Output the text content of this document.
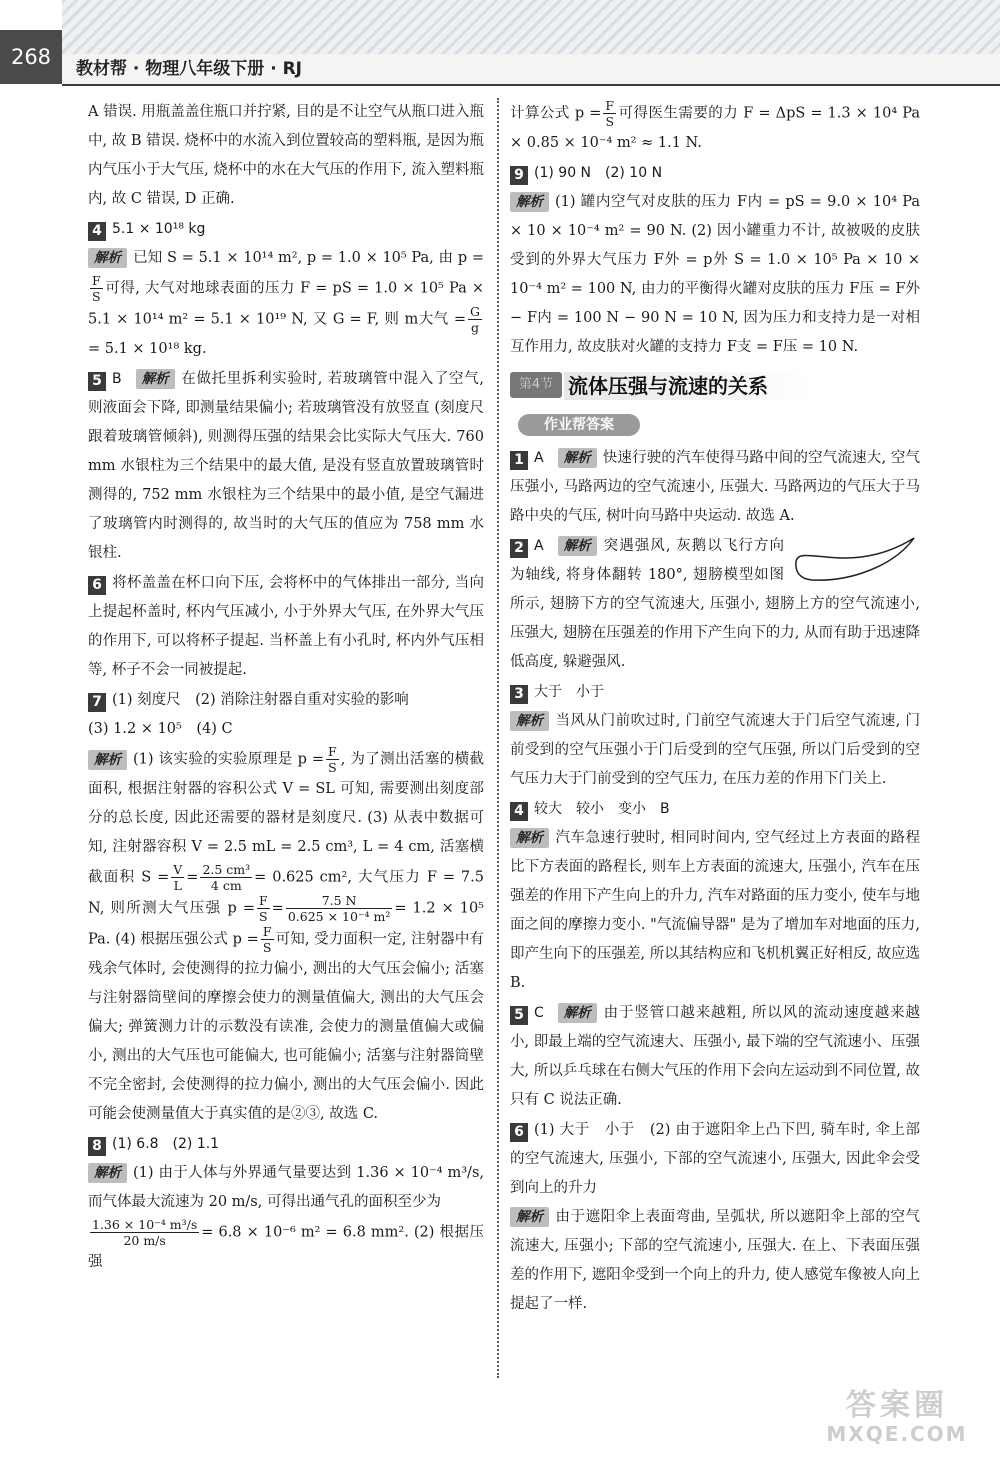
268	教材帮 · 物理八年级下册 · RJ

A 错误. 用瓶盖盖住瓶口并拧紧, 目的是不让空气从瓶口进入瓶中, 故 B 错误. 烧杯中的水流入到位置较高的塑料瓶, 是因为瓶内气压小于大气压, 烧杯中的水在大气压的作用下, 流入塑料瓶内, 故 C 错误, D 正确.

4 5.1 × 10¹⁸ kg

解析 已知 S = 5.1 × 10¹⁴ m², p = 1.0 × 10⁵ Pa, 由 p =
$\frac{F}{S}$ 可得, 大气对地球表面的压力 F = pS = 1.0 × 10⁵ Pa × 5.1 × 10¹⁴ m² = 5.1 × 10¹⁹ N, 又 G = F, 则 m大气 = $\frac{G}{g}$
= 5.1 × 10¹⁸ kg.

5 B 解析 在做托里拆利实验时, 若玻璃管中混入了空气, 则液面会下降, 即测量结果偏小; 若玻璃管没有放竖直 (刻度尺跟着玻璃管倾斜), 则测得压强的结果会比实际大气压大. 760 mm 水银柱为三个结果中的最大值, 是没有竖直放置玻璃管时测得的, 752 mm 水银柱为三个结果中的最小值, 是空气漏进了玻璃管内时测得的, 故当时的大气压的值应为 758 mm 水银柱.

6 将杯盖盖在杯口向下压, 会将杯中的气体排出一部分, 当向上提起杯盖时, 杯内气压减小, 小于外界大气压, 在外界大气压的作用下, 可以将杯子提起. 当杯盖上有小孔时, 杯内外气压相等, 杯子不会一同被提起.

7 (1) 刻度尺　(2) 消除注射器自重对实验的影响

(3) 1.2 × 10⁵　(4) C

解析 (1) 该实验的实验原理是 $p = \frac{F}{S}$ , 为了测出活塞的横截面积, 根据注射器的容积公式 V = SL 可知, 需要测出刻度部分的总长度, 因此还需要的器材是刻度尺. (3) 从表中数据可知, 注射器容积 V = 2.5 mL = 2.5 cm³, L = 4 cm, 活塞横截面积 $S = \frac{V}{L} = \frac{\text{2.5 cm³}}{4 cm} = 0.625$ cm², 大气压力 F = 7.5 N, 则所测大气压强 $p = \frac{F}{S} = \frac{7.5 N}{\text{0.625 × 10⁻⁴ m²}} = 1.2 \times 10^5$ Pa. (4) 根据压强公式 $p = \frac{F}{S}$ 可知, 受力面积一定, 注射器中有残余气体时, 会使测得的拉力偏小, 测出的大气压会偏小; 活塞与注射器筒壁间的摩擦会使力的测量值偏大, 测出的大气压会偏大; 弹簧测力计的示数没有读准, 会使力的测量值偏大或偏小, 测出的大气压也可能偏大, 也可能偏小; 活塞与注射器筒壁不完全密封, 会使测得的拉力偏小, 测出的大气压会偏小. 因此可能会使测量值大于真实值的是②③, 故选 C.

8 (1) 6.8　(2) 1.1

解析 (1) 由于人体与外界通气量要达到 1.36 × 10⁻⁴ m³/s, 而气体最大流速为 20 m/s, 可得出通气孔的面积至少为

$\frac{\text{1.36 × 10⁻⁴ m³/s}}{20 m/s} = 6.8 \times 10^{-6}$ m² = 6.8 mm². (2) 根据压强

计算公式 $p = \frac{F}{S}$ 可得医生需要的力 F = ΔpS = 1.3 × 10⁴ Pa × 0.85 × 10⁻⁴ m² ≈ 1.1 N.

9 (1) 90 N　(2) 10 N

解析 (1) 罐内空气对皮肤的压力 F内 = pS = 9.0 × 10⁴ Pa × 10 × 10⁻⁴ m² = 90 N. (2) 因小罐重力不计, 故被吸的皮肤受到的外界大气压力 F外 = p外 S = 1.0 × 10⁵ Pa × 10 × 10⁻⁴ m² = 100 N, 由力的平衡得火罐对皮肤的压力 F压 = F外 − F内 = 100 N − 90 N = 10 N, 因为压力和支持力是一对相互作用力, 故皮肤对火罐的支持力 F支 = F压 = 10 N.

第4节 流体压强与流速的关系
作业帮答案

1 A 解析 快速行驶的汽车使得马路中间的空气流速大, 空气压强小, 马路两边的空气流速小, 压强大. 马路两边的气压大于马路中央的气压, 树叶向马路中央运动. 故选 A.

2 A 解析 突遇强风, 灰鹅以飞行方向为轴线, 将身体翻转 180°, 翅膀模型如图所示, 翅膀下方的空气流速大, 压强小, 翅膀上方的空气流速小, 压强大, 翅膀在压强差的作用下产生向下的力, 从而有助于迅速降低高度, 躲避强风.

3 大于　小于

解析 当风从门前吹过时, 门前空气流速大于门后空气流速, 门前受到的空气压强小于门后受到的空气压强, 所以门后受到的空气压力大于门前受到的空气压力, 在压力差的作用下门关上.

4 较大　较小　变小　B

解析 汽车急速行驶时, 相同时间内, 空气经过上方表面的路程比下方表面的路程长, 则车上方表面的流速大, 压强小, 汽车在压强差的作用下产生向上的升力, 汽车对路面的压力变小, 使车与地面之间的摩擦力变小. "气流偏导器" 是为了增加车对地面的压力, 即产生向下的压强差, 所以其结构应和飞机机翼正好相反, 故应选 B.

5 C 解析 由于竖管口越来越粗, 所以风的流动速度越来越小, 即最上端的空气流速大、压强小, 最下端的空气流速小、压强大, 所以乒乓球在右侧大气压的作用下会向左运动到不同位置, 故只有 C 说法正确.

6 (1) 大于　小于　(2) 由于遮阳伞上凸下凹, 骑车时, 伞上部的空气流速大, 压强小, 下部的空气流速小, 压强大, 因此伞会受到向上的升力

解析 由于遮阳伞上表面弯曲, 呈弧状, 所以遮阳伞上部的空气流速大, 压强小; 下部的空气流速小, 压强大. 在上、下表面压强差的作用下, 遮阳伞受到一个向上的升力, 使人感觉车像被人向上提起了一样.

答案圈
MXQE.COM
